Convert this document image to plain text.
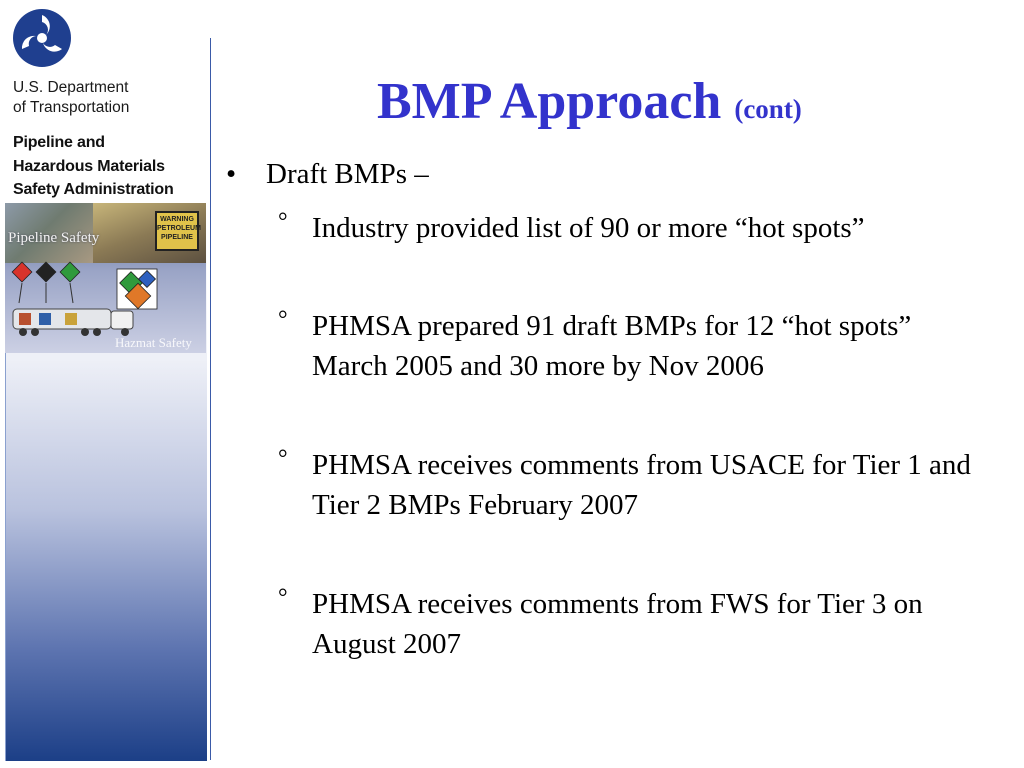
U.S. Department
of Transportation
Pipeline and
Hazardous Materials
Safety Administration
WARNING PETROLEUM PIPELINE
Pipeline Safety
Hazmat Safety
BMP Approach (cont)
• Draft BMPs –
° Industry provided list of 90 or more “hot spots”
° PHMSA prepared 91 draft BMPs for 12 “hot spots” March 2005 and 30 more by Nov 2006
° PHMSA receives comments from USACE for Tier 1 and Tier 2 BMPs February 2007
° PHMSA receives comments from FWS for Tier 3 on August 2007
